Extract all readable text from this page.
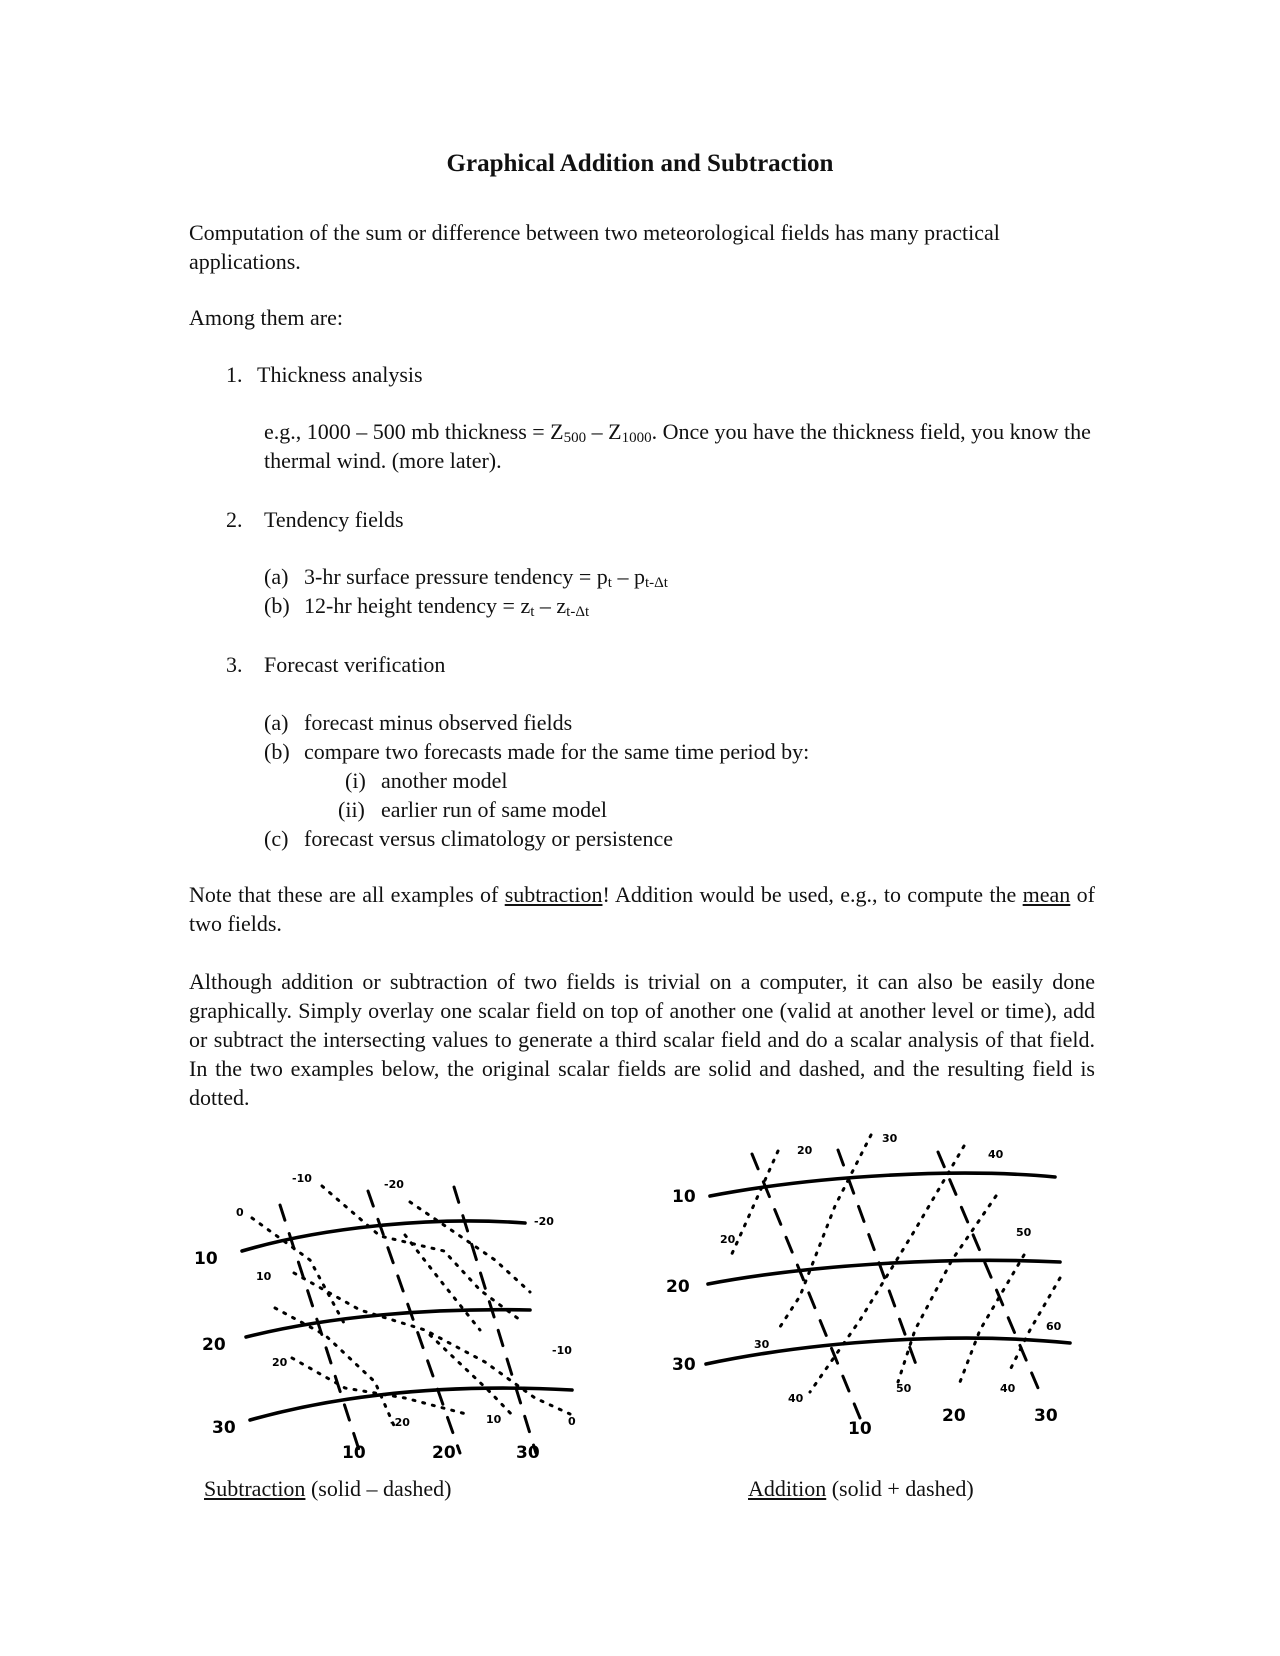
Graphical Addition and Subtraction

Computation of the sum or difference between two meteorological fields has many practical applications.

Among them are:

1. Thickness analysis

e.g., 1000 – 500 mb thickness = $Z_{500} - Z_{1000}$. Once you have the thickness field, you know the thermal wind. (more later).

2. Tendency fields
(a) 3-hr surface pressure tendency = $p_t - p_{t-\Delta t}$
(b) 12-hr height tendency = $z_t - z_{t-\Delta t}$
3. Forecast verification
(a) forecast minus observed fields
(b) compare two forecasts made for the same time period by:
(i) another model
(ii) earlier run of same model
(c) forecast versus climatology or persistence

Note that these are all examples of subtraction! Addition would be used, e.g., to compute the mean of two fields.

Although addition or subtraction of two fields is trivial on a computer, it can also be easily done graphically. Simply overlay one scalar field on top of another one (valid at another level or time), add or subtract the intersecting values to generate a third scalar field and do a scalar analysis of that field. In the two examples below, the original scalar fields are solid and dashed, and the resulting field is dotted.

10
20
30
10	20	30
-10	-20
0
10
20
-20
-10
-20	10	0
10
20
30
10
20	30
20
30
40
20
50
30
60
40
50	40
Subtraction (solid – dashed)	Addition (solid + dashed)
